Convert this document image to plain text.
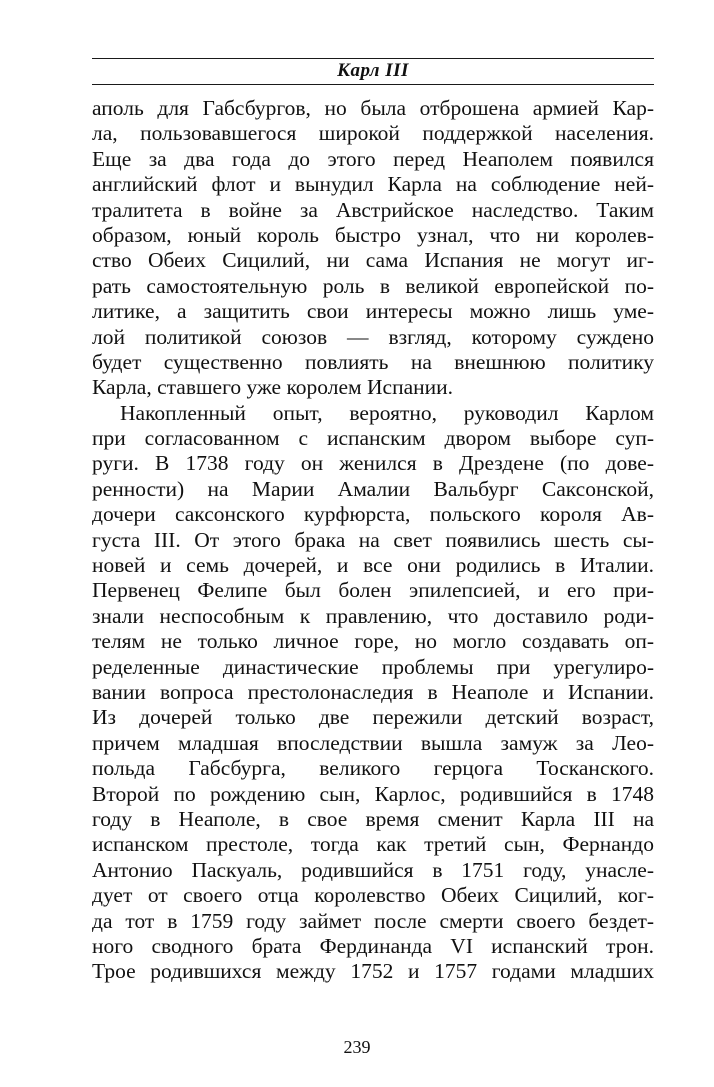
Карл III
аполь для Габсбургов, но была отброшена армией Кар-
ла, пользовавшегося широкой поддержкой населения.
Еще за два года до этого перед Неаполем появился
английский флот и вынудил Карла на соблюдение ней-
тралитета в войне за Австрийское наследство. Таким
образом, юный король быстро узнал, что ни королев-
ство Обеих Сицилий, ни сама Испания не могут иг-
рать самостоятельную роль в великой европейской по-
литике, а защитить свои интересы можно лишь уме-
лой политикой союзов — взгляд, которому суждено
будет существенно повлиять на внешнюю политику
Карла, ставшего уже королем Испании.
Накопленный опыт, вероятно, руководил Карлом
при согласованном с испанским двором выборе суп-
руги. В 1738 году он женился в Дрездене (по дове-
ренности) на Марии Амалии Вальбург Саксонской,
дочери саксонского курфюрста, польского короля Ав-
густа III. От этого брака на свет появились шесть сы-
новей и семь дочерей, и все они родились в Италии.
Первенец Фелипе был болен эпилепсией, и его при-
знали неспособным к правлению, что доставило роди-
телям не только личное горе, но могло создавать оп-
ределенные династические проблемы при урегулиро-
вании вопроса престолонаследия в Неаполе и Испании.
Из дочерей только две пережили детский возраст,
причем младшая впоследствии вышла замуж за Лео-
польда Габсбурга, великого герцога Тосканского.
Второй по рождению сын, Карлос, родившийся в 1748
году в Неаполе, в свое время сменит Карла III на
испанском престоле, тогда как третий сын, Фернандо
Антонио Паскуаль, родившийся в 1751 году, унасле-
дует от своего отца королевство Обеих Сицилий, ког-
да тот в 1759 году займет после смерти своего бездет-
ного сводного брата Фердинанда VI испанский трон.
Трое родившихся между 1752 и 1757 годами младших
239
